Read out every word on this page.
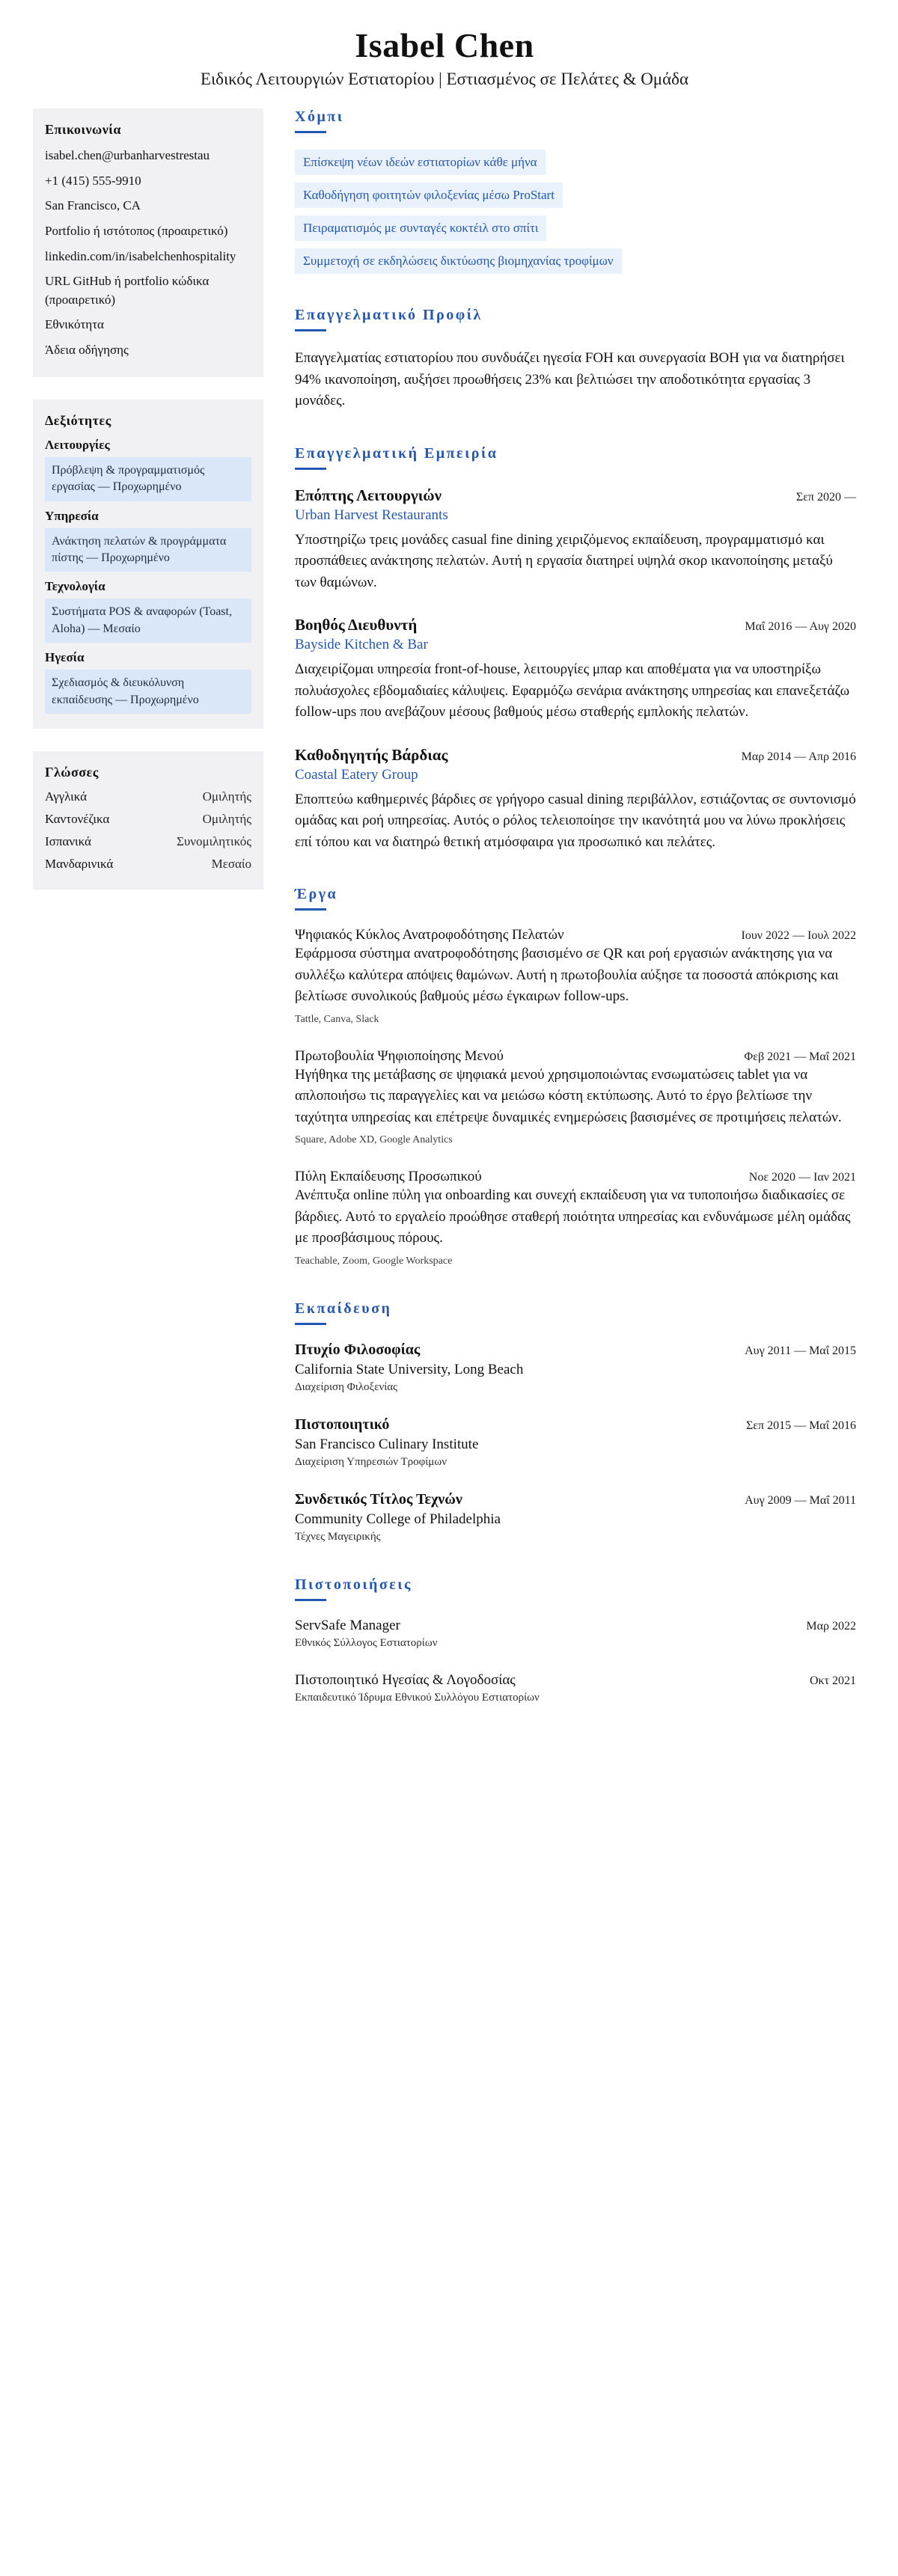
Isabel Chen

Ειδικός Λειτουργιών Εστιατορίου | Εστιασμένος σε Πελάτες & Ομάδα

Επικοινωνία
isabel.chen@urbanharvestrestau
+1 (415) 555-9910
San Francisco, CA
Portfolio ή ιστότοπος (προαιρετικό)
linkedin.com/in/isabelchenhospitality
URL GitHub ή portfolio κώδικα (προαιρετικό)
Εθνικότητα
Άδεια οδήγησης
Δεξιότητες
Λειτουργίες
Πρόβλεψη & προγραμματισμός εργασίας — Προχωρημένο
Υπηρεσία
Ανάκτηση πελατών & προγράμματα πίστης — Προχωρημένο
Τεχνολογία
Συστήματα POS & αναφορών (Toast, Aloha) — Μεσαίο
Ηγεσία
Σχεδιασμός & διευκόλυνση εκπαίδευσης — Προχωρημένο
Γλώσσες
Αγγλικά	Ομιλητής
Καντονέζικα	Ομιλητής
Ισπανικά	Συνομιλητικός
Μανδαρινικά	Μεσαίο
Χόμπι
Επίσκεψη νέων ιδεών εστιατορίων κάθε μήνα
Καθοδήγηση φοιτητών φιλοξενίας μέσω ProStart
Πειραματισμός με συνταγές κοκτέιλ στο σπίτι
Συμμετοχή σε εκδηλώσεις δικτύωσης βιομηχανίας τροφίμων
Επαγγελματικό Προφίλ

Επαγγελματίας εστιατορίου που συνδυάζει ηγεσία FOH και συνεργασία BOH για να διατηρήσει 94% ικανοποίηση, αυξήσει προωθήσεις 23% και βελτιώσει την αποδοτικότητα εργασίας 3 μονάδες.

Επαγγελματική Εμπειρία
Επόπτης Λειτουργιών	Σεπ 2020 —
Urban Harvest Restaurants

Υποστηρίζω τρεις μονάδες casual fine dining χειριζόμενος εκπαίδευση, προγραμματισμό και προσπάθειες ανάκτησης πελατών. Αυτή η εργασία διατηρεί υψηλά σκορ ικανοποίησης μεταξύ των θαμώνων.

Βοηθός Διευθυντή	Μαΐ 2016 — Αυγ 2020
Bayside Kitchen & Bar

Διαχειρίζομαι υπηρεσία front-of-house, λειτουργίες μπαρ και αποθέματα για να υποστηρίξω πολυάσχολες εβδομαδιαίες κάλυψεις. Εφαρμόζω σενάρια ανάκτησης υπηρεσίας και επανεξετάζω follow-ups που ανεβάζουν μέσους βαθμούς μέσω σταθερής εμπλοκής πελατών.

Καθοδηγητής Βάρδιας	Μαρ 2014 — Απρ 2016
Coastal Eatery Group

Εποπτεύω καθημερινές βάρδιες σε γρήγορο casual dining περιβάλλον, εστιάζοντας σε συντονισμό ομάδας και ροή υπηρεσίας. Αυτός ο ρόλος τελειοποίησε την ικανότητά μου να λύνω προκλήσεις επί τόπου και να διατηρώ θετική ατμόσφαιρα για προσωπικό και πελάτες.

Έργα

Ψηφιακός Κύκλος Ανατροφοδότησης Πελατών	Ιουν 2022 — Ιουλ 2022

Εφάρμοσα σύστημα ανατροφοδότησης βασισμένο σε QR και ροή εργασιών ανάκτησης για να συλλέξω καλύτερα απόψεις θαμώνων. Αυτή η πρωτοβουλία αύξησε τα ποσοστά απόκρισης και βελτίωσε συνολικούς βαθμούς μέσω έγκαιρων follow-ups.

Tattle, Canva, Slack

Πρωτοβουλία Ψηφιοποίησης Μενού	Φεβ 2021 — Μαΐ 2021

Ηγήθηκα της μετάβασης σε ψηφιακά μενού χρησιμοποιώντας ενσωματώσεις tablet για να απλοποιήσω τις παραγγελίες και να μειώσω κόστη εκτύπωσης. Αυτό το έργο βελτίωσε την ταχύτητα υπηρεσίας και επέτρεψε δυναμικές ενημερώσεις βασισμένες σε προτιμήσεις πελατών.

Square, Adobe XD, Google Analytics

Πύλη Εκπαίδευσης Προσωπικού	Νοε 2020 — Ιαν 2021

Ανέπτυξα online πύλη για onboarding και συνεχή εκπαίδευση για να τυποποιήσω διαδικασίες σε βάρδιες. Αυτό το εργαλείο προώθησε σταθερή ποιότητα υπηρεσίας και ενδυνάμωσε μέλη ομάδας με προσβάσιμους πόρους.

Teachable, Zoom, Google Workspace
Εκπαίδευση

Πτυχίο Φιλοσοφίας	Αυγ 2011 — Μαΐ 2015

California State University, Long Beach

Διαχείριση Φιλοξενίας

Πιστοποιητικό	Σεπ 2015 — Μαΐ 2016

San Francisco Culinary Institute

Διαχείριση Υπηρεσιών Τροφίμων

Συνδετικός Τίτλος Τεχνών	Αυγ 2009 — Μαΐ 2011

Community College of Philadelphia

Τέχνες Μαγειρικής
Πιστοποιήσεις

ServSafe Manager	Μαρ 2022
Εθνικός Σύλλογος Εστιατορίων

Πιστοποιητικό Ηγεσίας & Λογοδοσίας	Οκτ 2021
Εκπαιδευτικό Ίδρυμα Εθνικού Συλλόγου Εστιατορίων
